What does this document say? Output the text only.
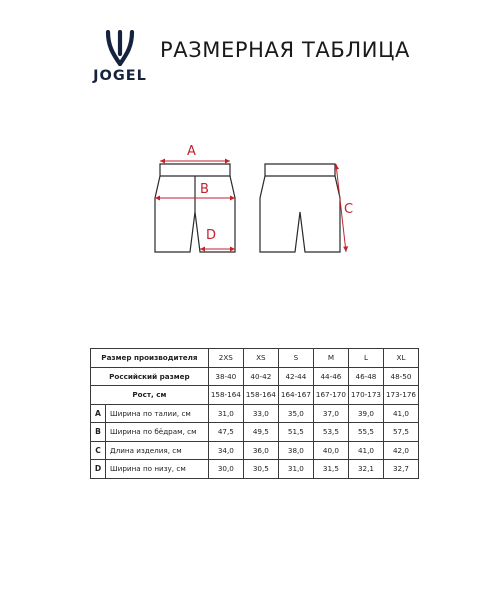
JOGEL
РАЗМЕРНАЯ ТАБЛИЦА
A
B
D
C
Размер производителя		2XS	XS	S	M	L	XL
Российский размер		38-40	40-42	42-44	44-46	46-48	48-50
Рост, см		158-164	158-164	164-167	167-170	170-173	173-176
A	Ширина по талии, см	31,0	33,0	35,0	37,0	39,0	41,0
B	Ширина по бёдрам, см	47,5	49,5	51,5	53,5	55,5	57,5
C	Длина изделия, см	34,0	36,0	38,0	40,0	41,0	42,0
D	Ширина по низу, см	30,0	30,5	31,0	31,5	32,1	32,7
